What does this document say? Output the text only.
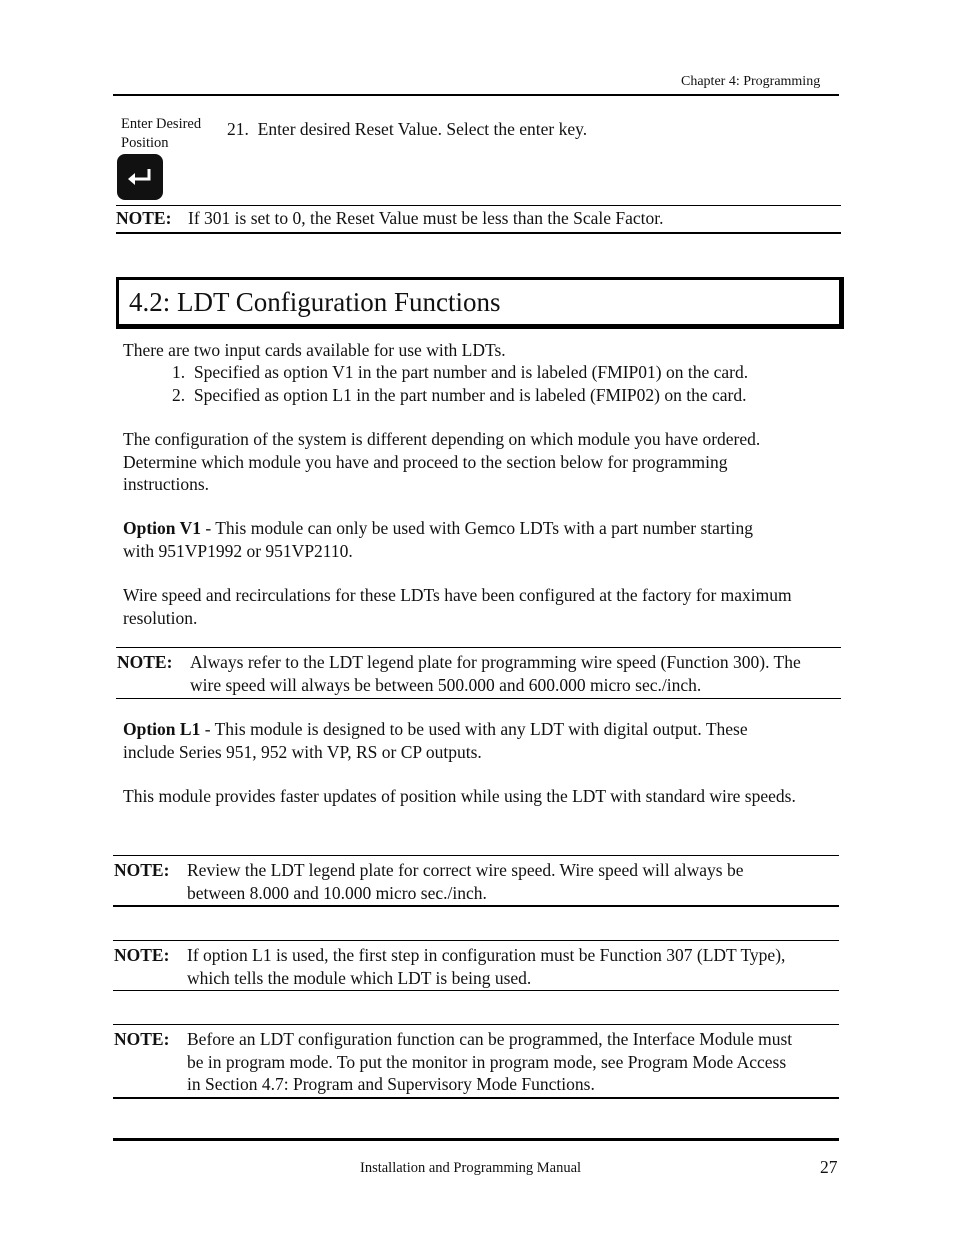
Chapter 4: Programming
Enter Desired
Position
21. Enter desired Reset Value. Select the enter key.
NOTE: If 301 is set to 0, the Reset Value must be less than the Scale Factor.
4.2: LDT Configuration Functions
There are two input cards available for use with LDTs.
1. Specified as option V1 in the part number and is labeled (FMIP01) on the card.
2. Specified as option L1 in the part number and is labeled (FMIP02) on the card.
The configuration of the system is different depending on which module you have ordered.
Determine which module you have and proceed to the section below for programming
instructions.
Option V1 - This module can only be used with Gemco LDTs with a part number starting
with 951VP1992 or 951VP2110.
Wire speed and recirculations for these LDTs have been configured at the factory for maximum
resolution.
NOTE: Always refer to the LDT legend plate for programming wire speed (Function 300). The
wire speed will always be between 500.000 and 600.000 micro sec./inch.
Option L1 - This module is designed to be used with any LDT with digital output. These
include Series 951, 952 with VP, RS or CP outputs.
This module provides faster updates of position while using the LDT with standard wire speeds.
NOTE: Review the LDT legend plate for correct wire speed. Wire speed will always be
between 8.000 and 10.000 micro sec./inch.
NOTE: If option L1 is used, the first step in configuration must be Function 307 (LDT Type),
which tells the module which LDT is being used.
NOTE: Before an LDT configuration function can be programmed, the Interface Module must
be in program mode. To put the monitor in program mode, see Program Mode Access
in Section 4.7: Program and Supervisory Mode Functions.
Installation and Programming Manual	27
